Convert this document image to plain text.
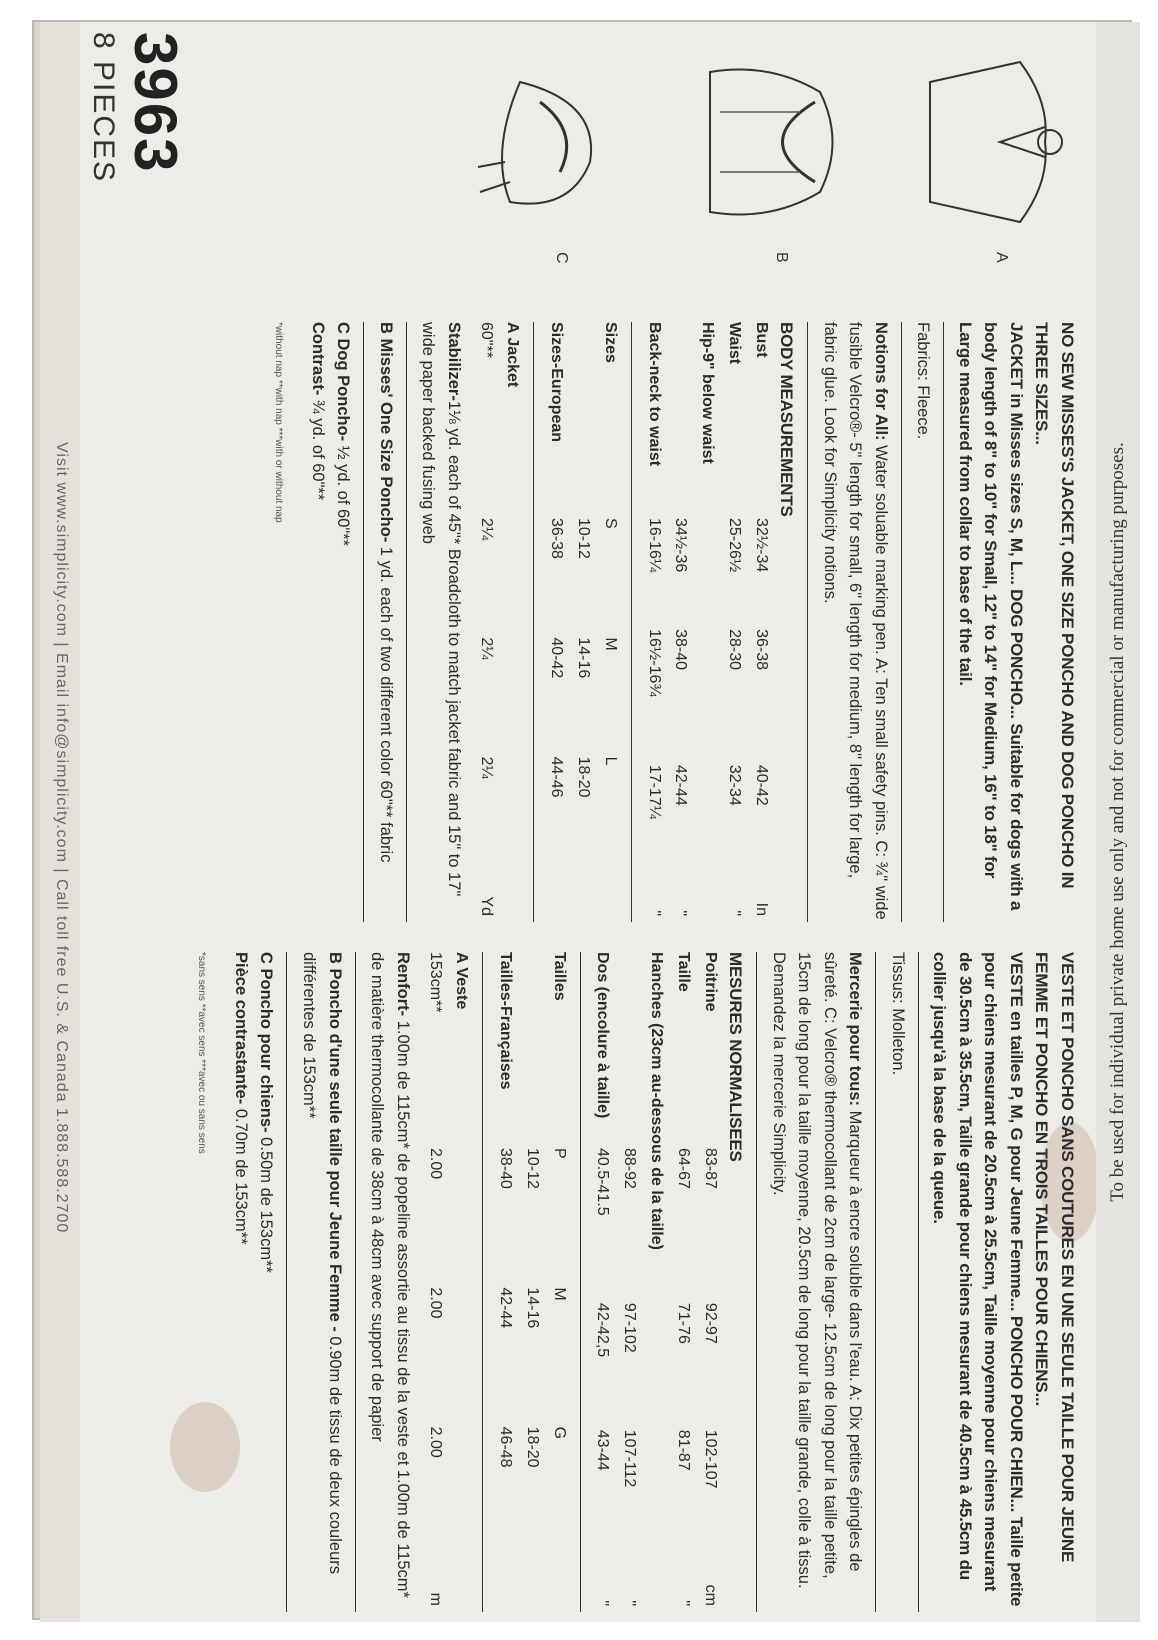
To be used for individual private home use only and not for commercial or manufacturing purposes.
A
B
C
NO SEW MISSES'S JACKET, ONE SIZE PONCHO AND DOG PONCHO IN THREE SIZES...
JACKET in Misses sizes S, M, L... DOG PONCHO... Suitable for dogs with a body length of 8" to 10" for Small, 12" to 14" for Medium, 16" to 18" for Large measured from collar to base of the tail.
Fabrics: Fleece.
Notions for All: Water soluable marking pen. A: Ten small safety pins. C: ¾" wide fusible Velcro®- 5" length for small, 6" length for medium, 8" length for large, fabric glue. Look for Simplicity notions.
BODY MEASUREMENTS
Bust	32½-34	36-38	40-42	In
Waist	25-26½	28-30	32-34	"
Hip-9" below waist				
	34½-36	38-40	42-44	"
Back-neck to waist	16-16¼	16½-16¾	17-17¼	"
Sizes	S	M	L	
	10-12	14-16	18-20	
Sizes-European	36-38	40-42	44-46	
A Jacket
60"**	2¼	2¼	2¼	Yd
Stabilizer-1⅛ yd. each of 45"* Broadcloth to match jacket fabric and 15" to 17" wide paper backed fusing web
B Misses' One Size Poncho- 1 yd. each of two different color 60"** fabric
C Dog Poncho- ½ yd. of 60"**
Contrast- ¾ yd. of 60"**
*without nap **with nap ***with or without nap
VESTE ET PONCHO SANS COUTURES EN UNE SEULE TAILLE POUR JEUNE FEMME ET PONCHO EN TROIS TAILLES POUR CHIENS...
VESTE en tailles P, M, G pour Jeune Femme... PONCHO POUR CHIEN... Taille petite pour chiens mesurant de 20.5cm à 25.5cm, Taille moyenne pour chiens mesurant de 30.5cm à 35.5cm, Taille grande pour chiens mesurant de 40.5cm à 45.5cm du collier jusqu'à la base de la queue.
Tissus: Molleton.
Mercerie pour tous: Marqueur à encre soluble dans l'eau. A: Dix petites épingles de sûreté. C: Velcro® thermocollant de 2cm de large- 12.5cm de long pour la taille petite, 15cm de long pour la taille moyenne, 20.5cm de long pour la taille grande, colle à tissu. Demandez la mercerie Simplicity.
MESURES NORMALISEES
Poitrine	83-87	92-97	102-107	cm
Taille	64-67	71-76	81-87	"
Hanches (23cm au-dessous de la taille)				
	88-92	97-102	107-112	"
Dos (encolure à taille)	40.5-41.5	42-42,5	43-44	"
Tailles	P	M	G	
	10-12	14-16	18-20	
Tailles-Françaises	38-40	42-44	46-48	
A Veste
153cm**	2.00	2.00	2.00	m
Renfort- 1.00m de 115cm* de popeline assortie au tissu de la veste et 1.00m de 115cm* de matière thermocollante de 38cm à 48cm avec support de papier
B Poncho d'une seule taille pour Jeune Femme - 0.90m de tissu de deux couleurs différentes de 153cm**
C Poncho pour chiens- 0.50m de 153cm**
Pièce contrastante- 0.70m de 153cm**
*sans sens **avec sens ***avec ou sans sens
3963
8 PIECES
Visit www.simplicity.com | Email info@simplicity.com | Call toll free U.S. & Canada 1.888.588.2700
